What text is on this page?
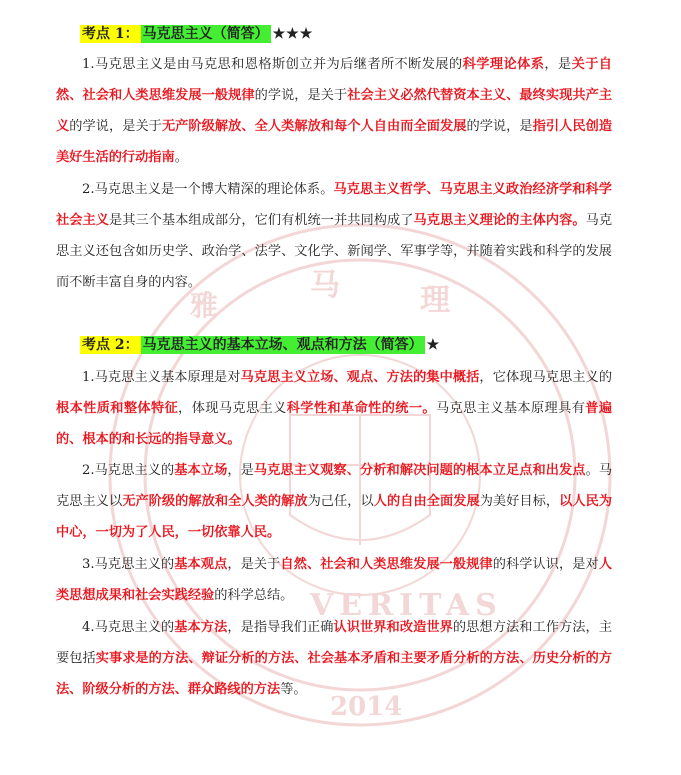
雅
马	理
VERITAS
2014
考点 1： 马克思主义（简答） ★★★
1.马克思主义是由马克思和恩格斯创立并为后继者所不断发展的科学理论体系，是关于自然、社会和人类思维发展一般规律的学说，是关于社会主义必然代替资本主义、最终实现共产主义的学说，是关于无产阶级解放、全人类解放和每个人自由而全面发展的学说，是指引人民创造美好生活的行动指南。
2.马克思主义是一个博大精深的理论体系。马克思主义哲学、马克思主义政治经济学和科学社会主义是其三个基本组成部分，它们有机统一并共同构成了马克思主义理论的主体内容。马克思主义还包含如历史学、政治学、法学、文化学、新闻学、军事学等，并随着实践和科学的发展而不断丰富自身的内容。
考点 2： 马克思主义的基本立场、观点和方法（简答） ★
1.马克思主义基本原理是对马克思主义立场、观点、方法的集中概括，它体现马克思主义的根本性质和整体特征，体现马克思主义科学性和革命性的统一。马克思主义基本原理具有普遍的、根本的和长远的指导意义。
2.马克思主义的基本立场，是马克思主义观察、分析和解决问题的根本立足点和出发点。马克思主义以无产阶级的解放和全人类的解放为己任，以人的自由全面发展为美好目标，以人民为中心，一切为了人民，一切依靠人民。
3.马克思主义的基本观点，是关于自然、社会和人类思维发展一般规律的科学认识，是对人类思想成果和社会实践经验的科学总结。
4.马克思主义的基本方法，是指导我们正确认识世界和改造世界的思想方法和工作方法，主要包括实事求是的方法、辩证分析的方法、社会基本矛盾和主要矛盾分析的方法、历史分析的方法、阶级分析的方法、群众路线的方法等。
